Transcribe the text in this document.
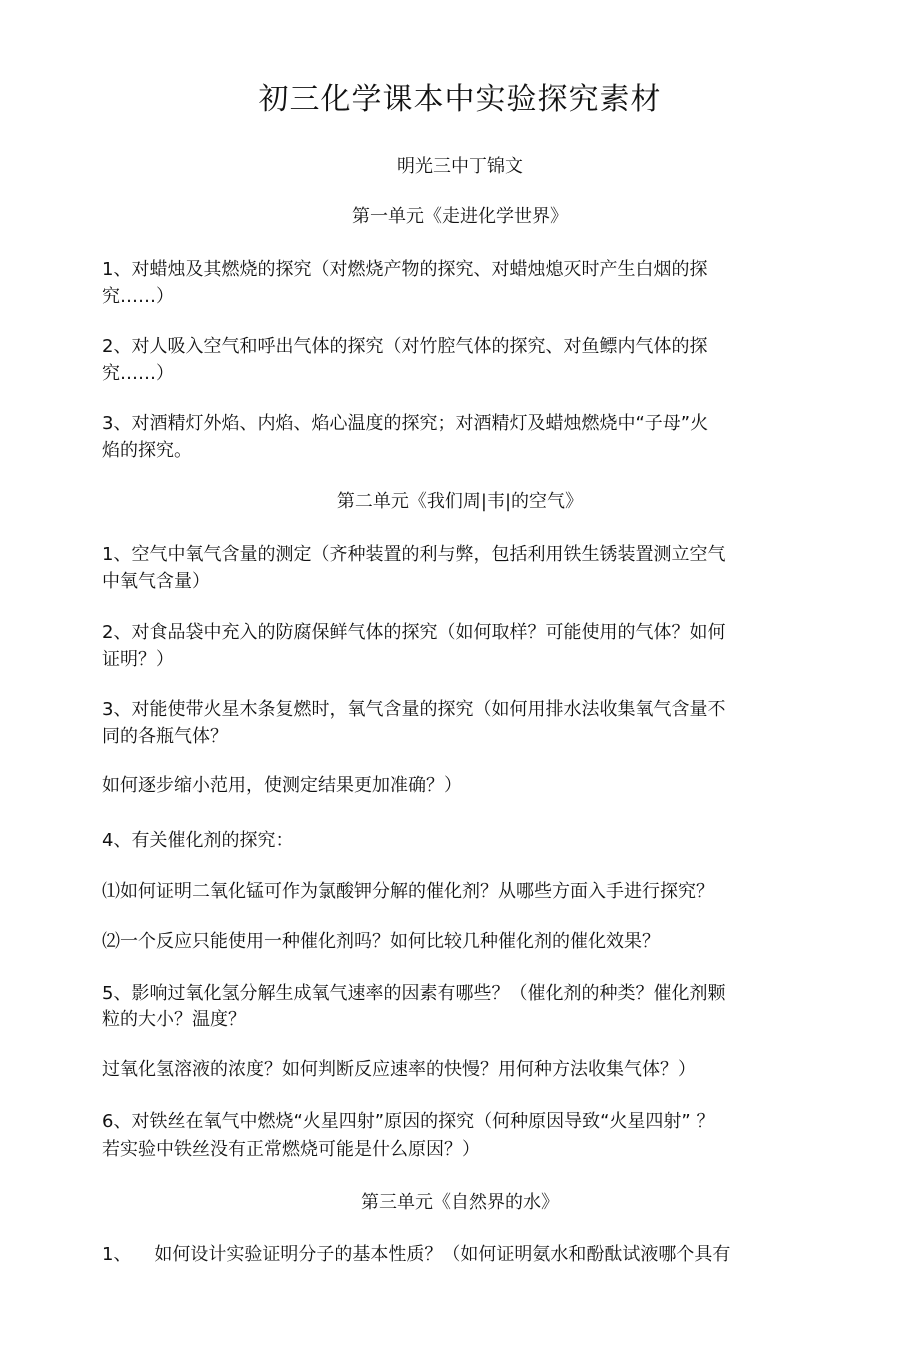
初三化学课本中实验探究素材
明光三中丁锦文
第一单元《走进化学世界》
1、对蜡烛及其燃烧的探究（对燃烧产物的探究、对蜡烛熄灭时产生白烟的探
究……）
2、对人吸入空气和呼出气体的探究（对竹腔气体的探究、对鱼鳔内气体的探
究……）
3、对酒精灯外焰、内焰、焰心温度的探究；对酒精灯及蜡烛燃烧中“子母”火
焰的探究。
第二单元《我们周|韦|的空气》
1、空气中氧气含量的测定（齐种装置的利与弊，包括利用铁生锈装置测立空气
中氧气含量）
2、对食品袋中充入的防腐保鲜气体的探究（如何取样？可能使用的气体？如何
证明？）
3、对能使带火星木条复燃时，氧气含量的探究（如何用排水法收集氧气含量不
同的各瓶气体？
如何逐步缩小范用，使测定结果更加准确？）
4、有关催化剂的探究：
⑴如何证明二氧化锰可作为氯酸钾分解的催化剂？从哪些方面入手进行探究？
⑵一个反应只能使用一种催化剂吗？如何比较几种催化剂的催化效果？
5、影响过氧化氢分解生成氧气速率的因素有哪些？（催化剂的种类？催化剂颗
粒的大小？温度？
过氧化氢溶液的浓度？如何判断反应速率的快慢？用何种方法收集气体？）
6、对铁丝在氧气中燃烧“火星四射”原因的探究（何种原因导致“火星四射” ？
若实验中铁丝没有正常燃烧可能是什么原因？）
第三单元《自然界的水》
1、    如何设计实验证明分子的基本性质？（如何证明氨水和酚酞试液哪个具有
